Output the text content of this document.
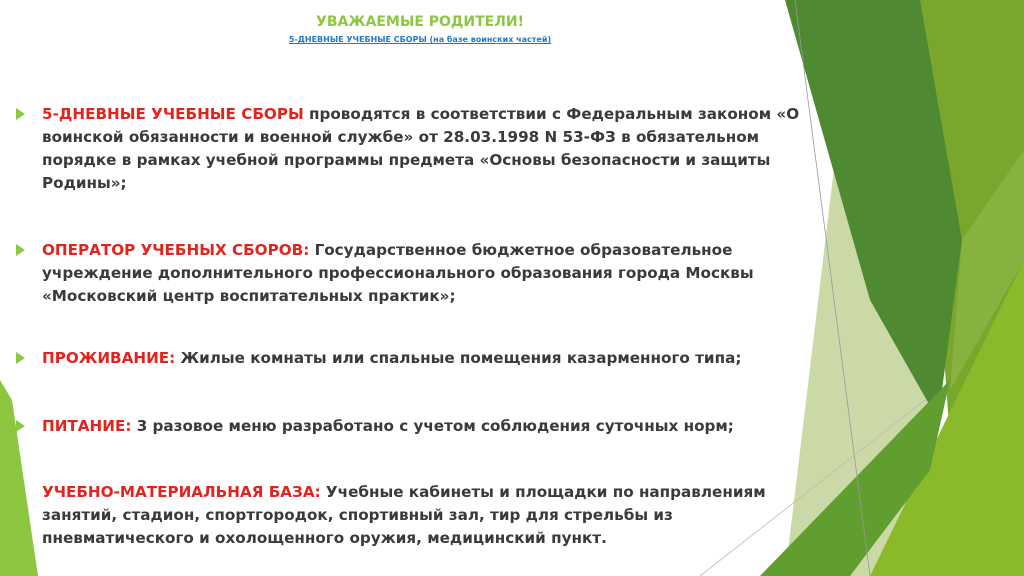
УВАЖАЕМЫЕ РОДИТЕЛИ!
5-ДНЕВНЫЕ УЧЕБНЫЕ СБОРЫ (на базе воинских частей)
5-ДНЕВНЫЕ УЧЕБНЫЕ СБОРЫ проводятся в соответствии с Федеральным законом «О воинской обязанности и военной службе» от 28.03.1998 N 53-ФЗ в обязательном порядке в рамках учебной программы предмета «Основы безопасности и защиты Родины»;
ОПЕРАТОР УЧЕБНЫХ СБОРОВ: Государственное бюджетное образовательное учреждение дополнительного профессионального образования города Москвы «Московский центр воспитательных практик»;
ПРОЖИВАНИЕ: Жилые комнаты или спальные помещения казарменного типа;
ПИТАНИЕ: 3 разовое меню разработано с учетом соблюдения суточных норм;
УЧЕБНО-МАТЕРИАЛЬНАЯ БАЗА: Учебные кабинеты и площадки по направлениям занятий, стадион, спортгородок, спортивный зал, тир для стрельбы из пневматического и охолощенного оружия, медицинский пункт.
